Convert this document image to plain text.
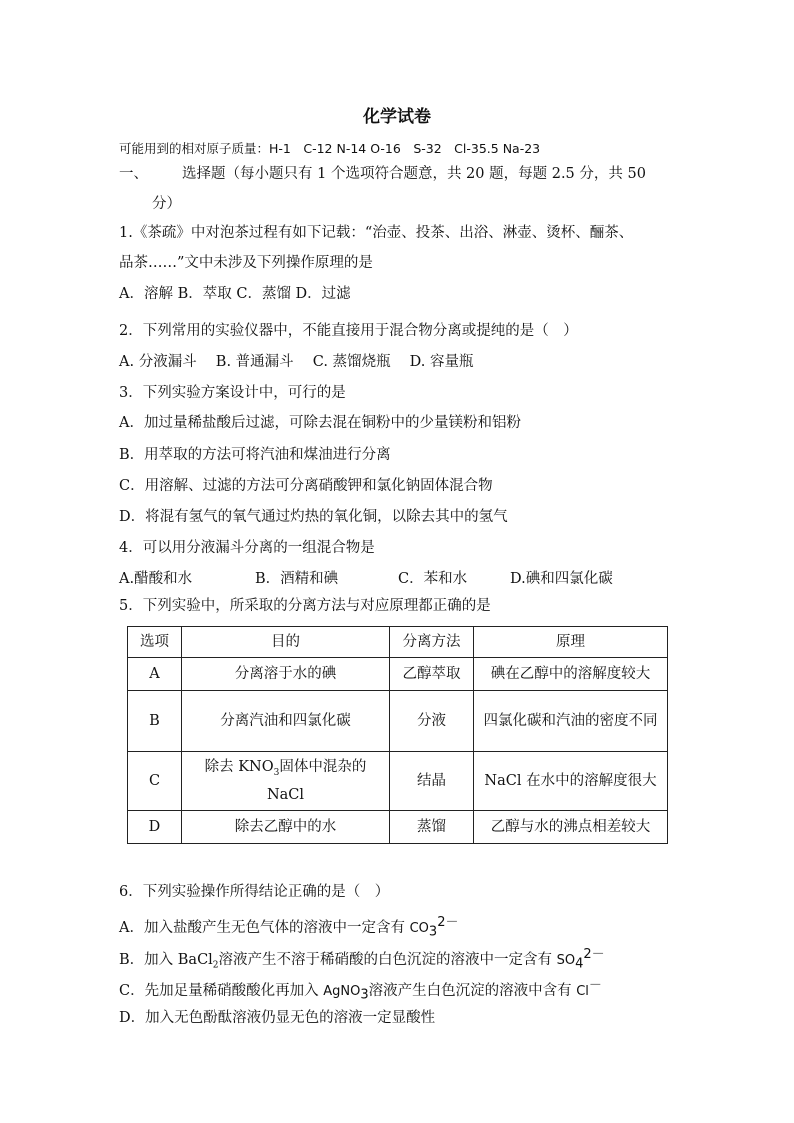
化学试卷
可能用到的相对原子质量：H-1　C-12 N-14 O-16　S-32　Cl-35.5 Na-23
一、 选择题（每小题只有 1 个选项符合题意，共 20 题，每题 2.5 分，共 50
分）
1.《茶疏》中对泡茶过程有如下记载：“治壶、投茶、出浴、淋壶、烫杯、酾茶、
品茶……”文中未涉及下列操作原理的是
A．溶解 B．萃取 C．蒸馏 D．过滤
2．下列常用的实验仪器中，不能直接用于混合物分离或提纯的是（　）
A. 分液漏斗　 B. 普通漏斗　 C. 蒸馏烧瓶　 D. 容量瓶
3．下列实验方案设计中，可行的是
A．加过量稀盐酸后过滤，可除去混在铜粉中的少量镁粉和铝粉
B．用萃取的方法可将汽油和煤油进行分离
C．用溶解、过滤的方法可分离硝酸钾和氯化钠固体混合物
D．将混有氢气的氧气通过灼热的氧化铜，以除去其中的氢气
4．可以用分液漏斗分离的一组混合物是
A.醋酸和水	B．酒精和碘	C．苯和水	D.碘和四氯化碳
5．下列实验中，所采取的分离方法与对应原理都正确的是
选项	目的	分离方法	原理
A	分离溶于水的碘	乙醇萃取	碘在乙醇中的溶解度较大
B	分离汽油和四氯化碳	分液	四氯化碳和汽油的密度不同
C	除去 $KNO_3$固体中混杂的
NaCl	结晶	NaCl 在水中的溶解度很大
D	除去乙醇中的水	蒸馏	乙醇与水的沸点相差较大
6．下列实验操作所得结论正确的是（　）
A．加入盐酸产生无色气体的溶液中一定含有 $CO_3^{2-}$
B．加入 BaCl$_2$溶液产生不溶于稀硝酸的白色沉淀的溶液中一定含有 $SO_4^{2-}$
C．先加足量稀硝酸酸化再加入 AgNO$_3$溶液产生白色沉淀的溶液中含有 Cl－
D．加入无色酚酞溶液仍显无色的溶液一定显酸性
